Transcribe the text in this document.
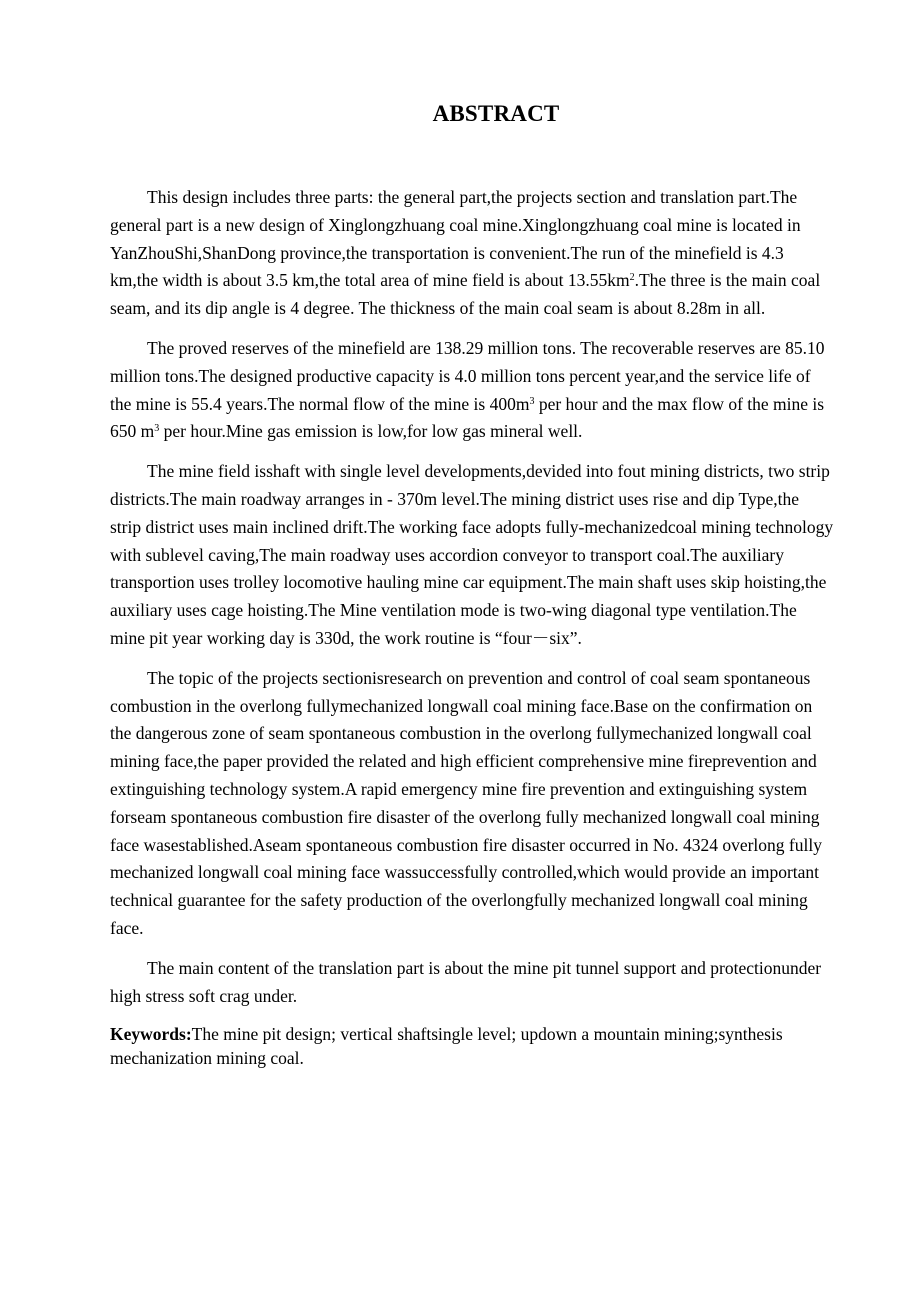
ABSTRACT

This design includes three parts: the general part,the projects section and translation part.The general part is a new design of Xinglongzhuang coal mine.Xinglongzhuang coal mine is located in YanZhouShi,ShanDong province,the transportation is convenient.The run of the minefield is 4.3 km,the width is about 3.5 km,the total area of mine field is about $13.55km^2.The$ three is the main coal seam, and its dip angle is 4 degree. The thickness of the main coal seam is about 8.28m in all.

The proved reserves of the minefield are 138.29 million tons. The recoverable reserves are 85.10 million tons.The designed productive capacity is 4.0 million tons percent year,and the service life of the mine is 55.4 years.The normal flow of the mine is $400m^3$ per hour and the max flow of the mine is 650 $m^3$ per hour.Mine gas emission is low,for low gas mineral well.

The mine field isshaft with single level developments,devided into fout mining districts, two strip districts.The main roadway arranges in - 370m level.The mining district uses rise and dip Type,the strip district uses main inclined drift.The working face adopts fully-mechanizedcoal mining technology with sublevel caving,The main roadway uses accordion conveyor to transport coal.The auxiliary transportion uses trolley locomotive hauling mine car equipment.The main shaft uses skip hoisting,the auxiliary uses cage hoisting.The Mine ventilation mode is two-wing diagonal type ventilation.The mine pit year working day is 330d, the work routine is “four－six”.

The topic of the projects sectionisresearch on prevention and control of coal seam spontaneous combustion in the overlong fullymechanized longwall coal mining face.Base on the confirmation on the dangerous zone of seam spontaneous combustion in the overlong fullymechanized longwall coal mining face,the paper provided the related and high efficient comprehensive mine fireprevention and extinguishing technology system.A rapid emergency mine fire prevention and extinguishing system forseam spontaneous combustion fire disaster of the overlong fully mechanized longwall coal mining face wasestablished.Aseam spontaneous combustion fire disaster occurred in No. 4324 overlong fully mechanized longwall coal mining face wassuccessfully controlled,which would provide an important technical guarantee for the safety production of the overlongfully mechanized longwall coal mining face.

The main content of the translation part is about the mine pit tunnel support and protectionunder high stress soft crag under.

Keywords:The mine pit design; vertical shaftsingle level; updown a mountain mining;synthesis mechanization mining coal.
